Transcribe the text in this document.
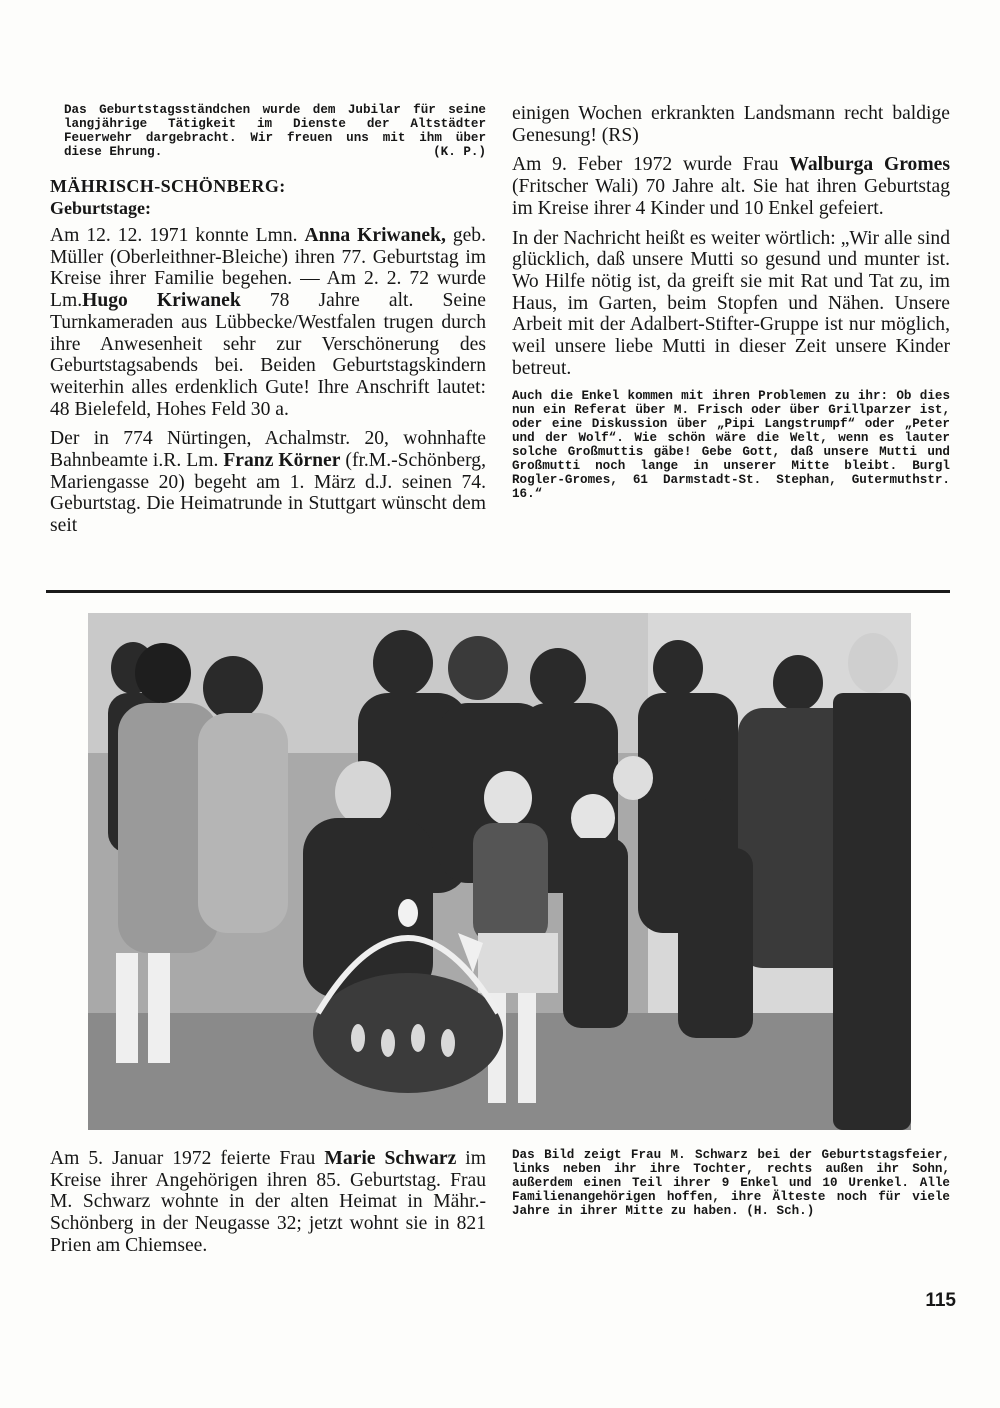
Das Geburtstagsständchen wurde dem Jubilar für seine langjährige Tätigkeit im Dienste der Altstädter Feuerwehr dargebracht. Wir freuen uns mit ihm über diese Ehrung.	(K. P.)

MÄHRISCH-SCHÖNBERG:

Geburtstage:

Am 12. 12. 1971 konnte Lmn. Anna Kriwanek, geb. Müller (Oberleithner-Bleiche) ihren 77. Geburtstag im Kreise ihrer Familie begehen. — Am 2. 2. 72 wurde Lm.Hugo Kriwanek 78 Jahre alt. Seine Turnkameraden aus Lübbecke/Westfalen trugen durch ihre Anwesenheit sehr zur Verschönerung des Geburtstagsabends bei. Beiden Geburtstagskindern weiterhin alles erdenklich Gute! Ihre Anschrift lautet: 48 Bielefeld, Hohes Feld 30 a.

Der in 774 Nürtingen, Achalmstr. 20, wohnhafte Bahnbeamte i.R. Lm. Franz Körner (fr.M.-Schönberg, Mariengasse 20) begeht am 1. März d.J. seinen 74. Geburtstag. Die Heimatrunde in Stuttgart wünscht dem seit

einigen Wochen erkrankten Landsmann recht baldige Genesung! (RS)

Am 9. Feber 1972 wurde Frau Walburga Gromes (Fritscher Wali) 70 Jahre alt. Sie hat ihren Geburtstag im Kreise ihrer 4 Kinder und 10 Enkel gefeiert.

In der Nachricht heißt es weiter wörtlich: „Wir alle sind glücklich, daß unsere Mutti so gesund und munter ist. Wo Hilfe nötig ist, da greift sie mit Rat und Tat zu, im Haus, im Garten, beim Stopfen und Nähen. Unsere Arbeit mit der Adalbert-Stifter-Gruppe ist nur möglich, weil unsere liebe Mutti in dieser Zeit unsere Kinder betreut.

Auch die Enkel kommen mit ihren Problemen zu ihr: Ob dies nun ein Referat über M. Frisch oder über Grillparzer ist, oder eine Diskussion über „Pipi Langstrumpf“ oder „Peter und der Wolf“. Wie schön wäre die Welt, wenn es lauter solche Großmuttis gäbe! Gebe Gott, daß unsere Mutti und Großmutti noch lange in unserer Mitte bleibt. Burgl Rogler-Gromes, 61 Darmstadt-St. Stephan, Gutermuthstr. 16.“

Am 5. Januar 1972 feierte Frau Marie Schwarz im Kreise ihrer Angehörigen ihren 85. Geburtstag. Frau M. Schwarz wohnte in der alten Heimat in Mähr.-Schönberg in der Neugasse 32; jetzt wohnt sie in 821 Prien am Chiemsee.

Das Bild zeigt Frau M. Schwarz bei der Geburtstagsfeier, links neben ihr ihre Tochter, rechts außen ihr Sohn, außerdem einen Teil ihrer 9 Enkel und 10 Urenkel. Alle Familienangehörigen hoffen, ihre Älteste noch für viele Jahre in ihrer Mitte zu haben. (H. Sch.)

115
